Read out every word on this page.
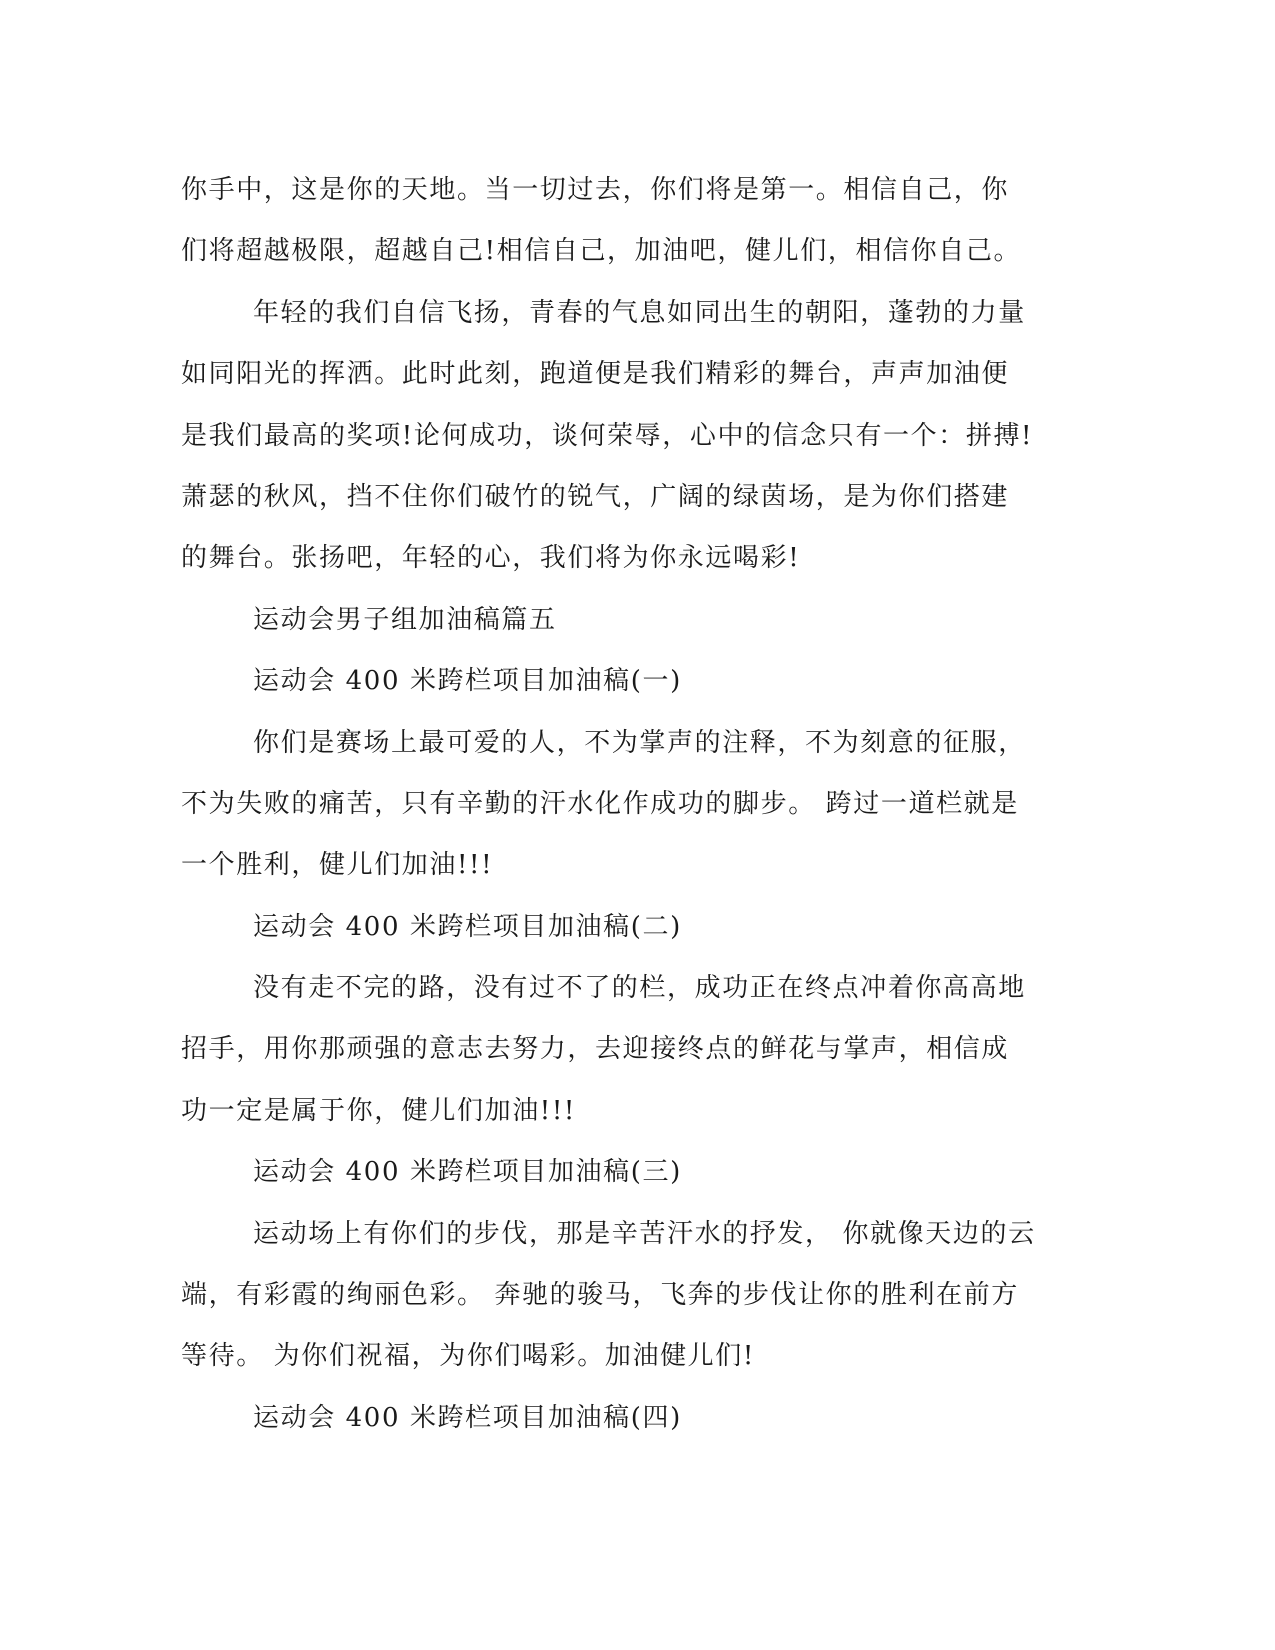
你手中，这是你的天地。当一切过去，你们将是第一。相信自己，你
们将超越极限，超越自己!相信自己，加油吧，健儿们，相信你自己。
年轻的我们自信飞扬，青春的气息如同出生的朝阳，蓬勃的力量
如同阳光的挥洒。此时此刻，跑道便是我们精彩的舞台，声声加油便
是我们最高的奖项!论何成功，谈何荣辱，心中的信念只有一个：拼搏!
萧瑟的秋风，挡不住你们破竹的锐气，广阔的绿茵场，是为你们搭建
的舞台。张扬吧，年轻的心，我们将为你永远喝彩!
运动会男子组加油稿篇五
运动会 400 米跨栏项目加油稿(一)
你们是赛场上最可爱的人，不为掌声的注释，不为刻意的征服，
不为失败的痛苦，只有辛勤的汗水化作成功的脚步。 跨过一道栏就是
一个胜利，健儿们加油!!!
运动会 400 米跨栏项目加油稿(二)
没有走不完的路，没有过不了的栏，成功正在终点冲着你高高地
招手，用你那顽强的意志去努力，去迎接终点的鲜花与掌声，相信成
功一定是属于你，健儿们加油!!!
运动会 400 米跨栏项目加油稿(三)
运动场上有你们的步伐，那是辛苦汗水的抒发， 你就像天边的云
端，有彩霞的绚丽色彩。 奔驰的骏马，飞奔的步伐让你的胜利在前方
等待。 为你们祝福，为你们喝彩。加油健儿们!
运动会 400 米跨栏项目加油稿(四)
